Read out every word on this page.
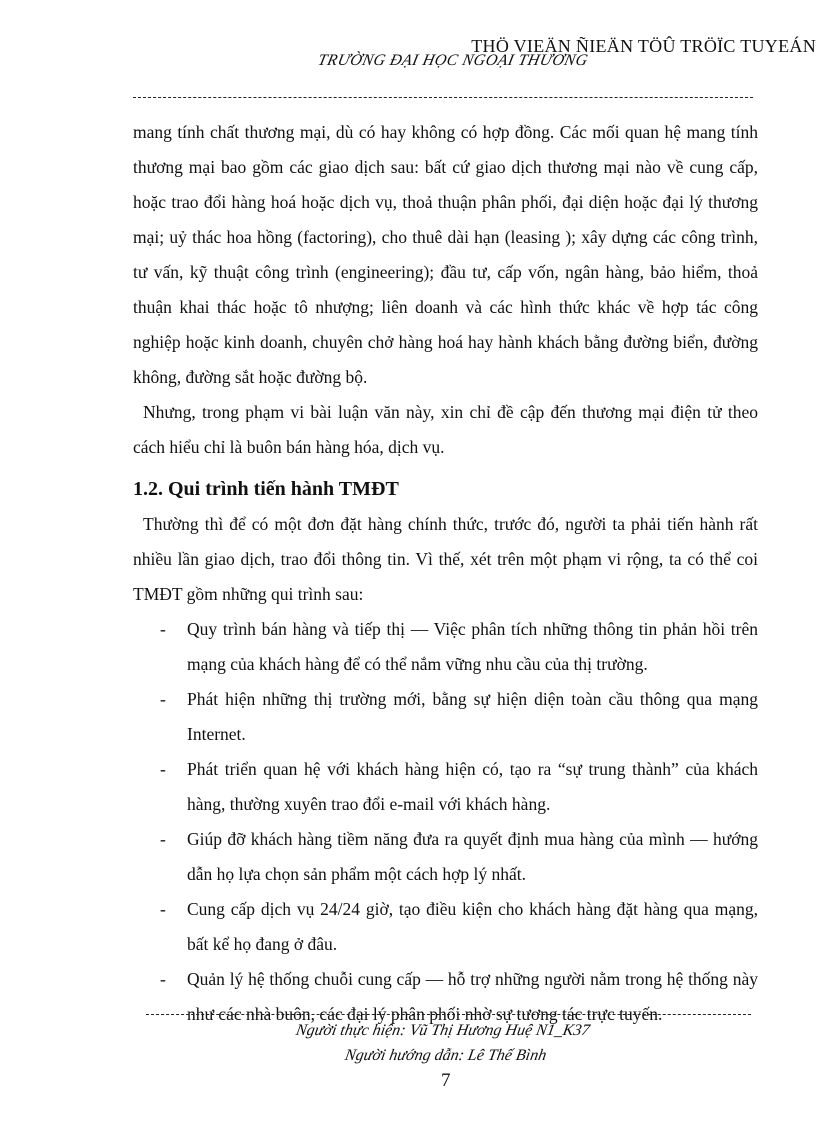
THÖ VIEÄN ÑIEÄN TÖÛ TRÖÏC TUYEÁN
TRƯỜNG ĐẠI HỌC NGOẠI THƯƠNG

mang tính chất thương mại, dù có hay không có hợp đồng. Các mối quan hệ mang tính thương mại bao gồm các giao dịch sau: bất cứ giao dịch thương mại nào về cung cấp, hoặc trao đổi hàng hoá hoặc dịch vụ, thoả thuận phân phối, đại diện hoặc đại lý thương mại; uỷ thác hoa hồng (factoring), cho thuê dài hạn (leasing ); xây dựng các công trình, tư vấn, kỹ thuật công trình (engineering); đầu tư, cấp vốn, ngân hàng, bảo hiểm, thoả thuận khai thác hoặc tô nhượng; liên doanh và các hình thức khác về hợp tác công nghiệp hoặc kinh doanh, chuyên chở hàng hoá hay hành khách bằng đường biển, đường không, đường sắt hoặc đường bộ.

Nhưng, trong phạm vi bài luận văn này, xin chỉ đề cập đến thương mại điện tử theo cách hiểu chỉ là buôn bán hàng hóa, dịch vụ.

1.2. Qui trình tiến hành TMĐT

Thường thì để có một đơn đặt hàng chính thức, trước đó, người ta phải tiến hành rất nhiều lần giao dịch, trao đổi thông tin. Vì thế, xét trên một phạm vi rộng, ta có thể coi TMĐT gồm những qui trình sau:

-	Quy trình bán hàng và tiếp thị — Việc phân tích những thông tin phản hồi trên mạng của khách hàng để có thể nắm vững nhu cầu của thị trường.
-	Phát hiện những thị trường mới, bằng sự hiện diện toàn cầu thông qua mạng Internet.
-	Phát triển quan hệ với khách hàng hiện có, tạo ra “sự trung thành” của khách hàng, thường xuyên trao đổi e-mail với khách hàng.
-	Giúp đỡ khách hàng tiềm năng đưa ra quyết định mua hàng của mình — hướng dẫn họ lựa chọn sản phẩm một cách hợp lý nhất.
-	Cung cấp dịch vụ 24/24 giờ, tạo điều kiện cho khách hàng đặt hàng qua mạng, bất kể họ đang ở đâu.
-	Quản lý hệ thống chuỗi cung cấp — hỗ trợ những người nằm trong hệ thống này như các nhà buôn, các đại lý phân phối nhờ sự tương tác trực tuyến.
Người thực hiện: Vũ Thị Hương Huệ N1_K37
Người hướng dẫn: Lê Thế Bình
7
